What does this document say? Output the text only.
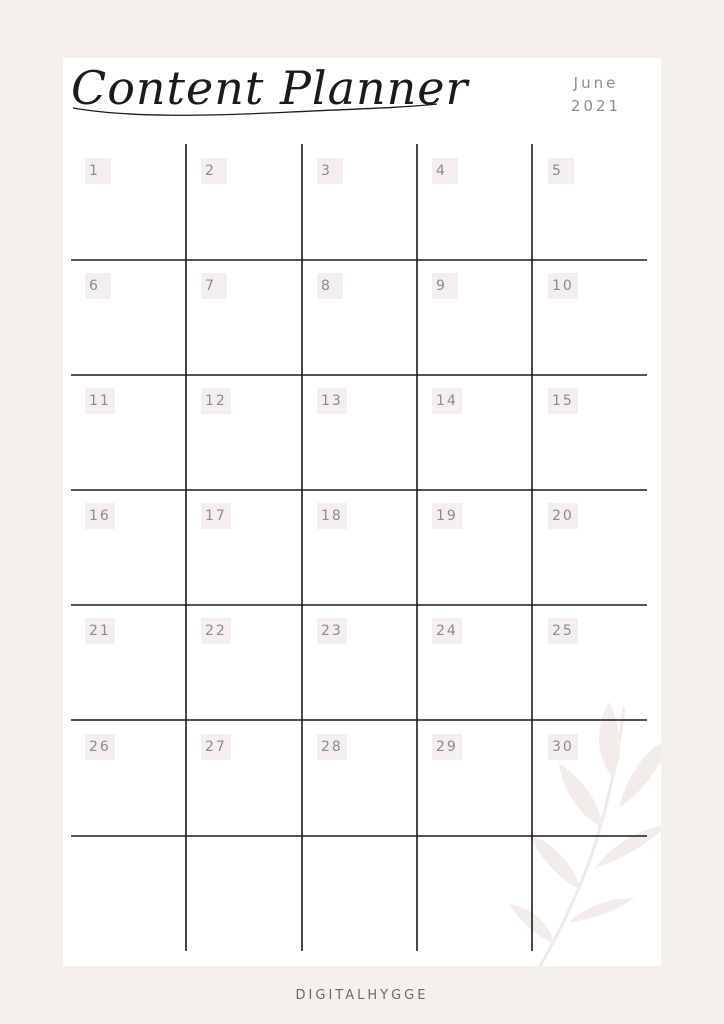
Content Planner	June
2021
1	2	3	4	5
6	7	8	9	10
11	12	13	14	15
16	17	18	19	20
21	22	23	24	25
26	27	28	29	30
DIGITALHYGGE
